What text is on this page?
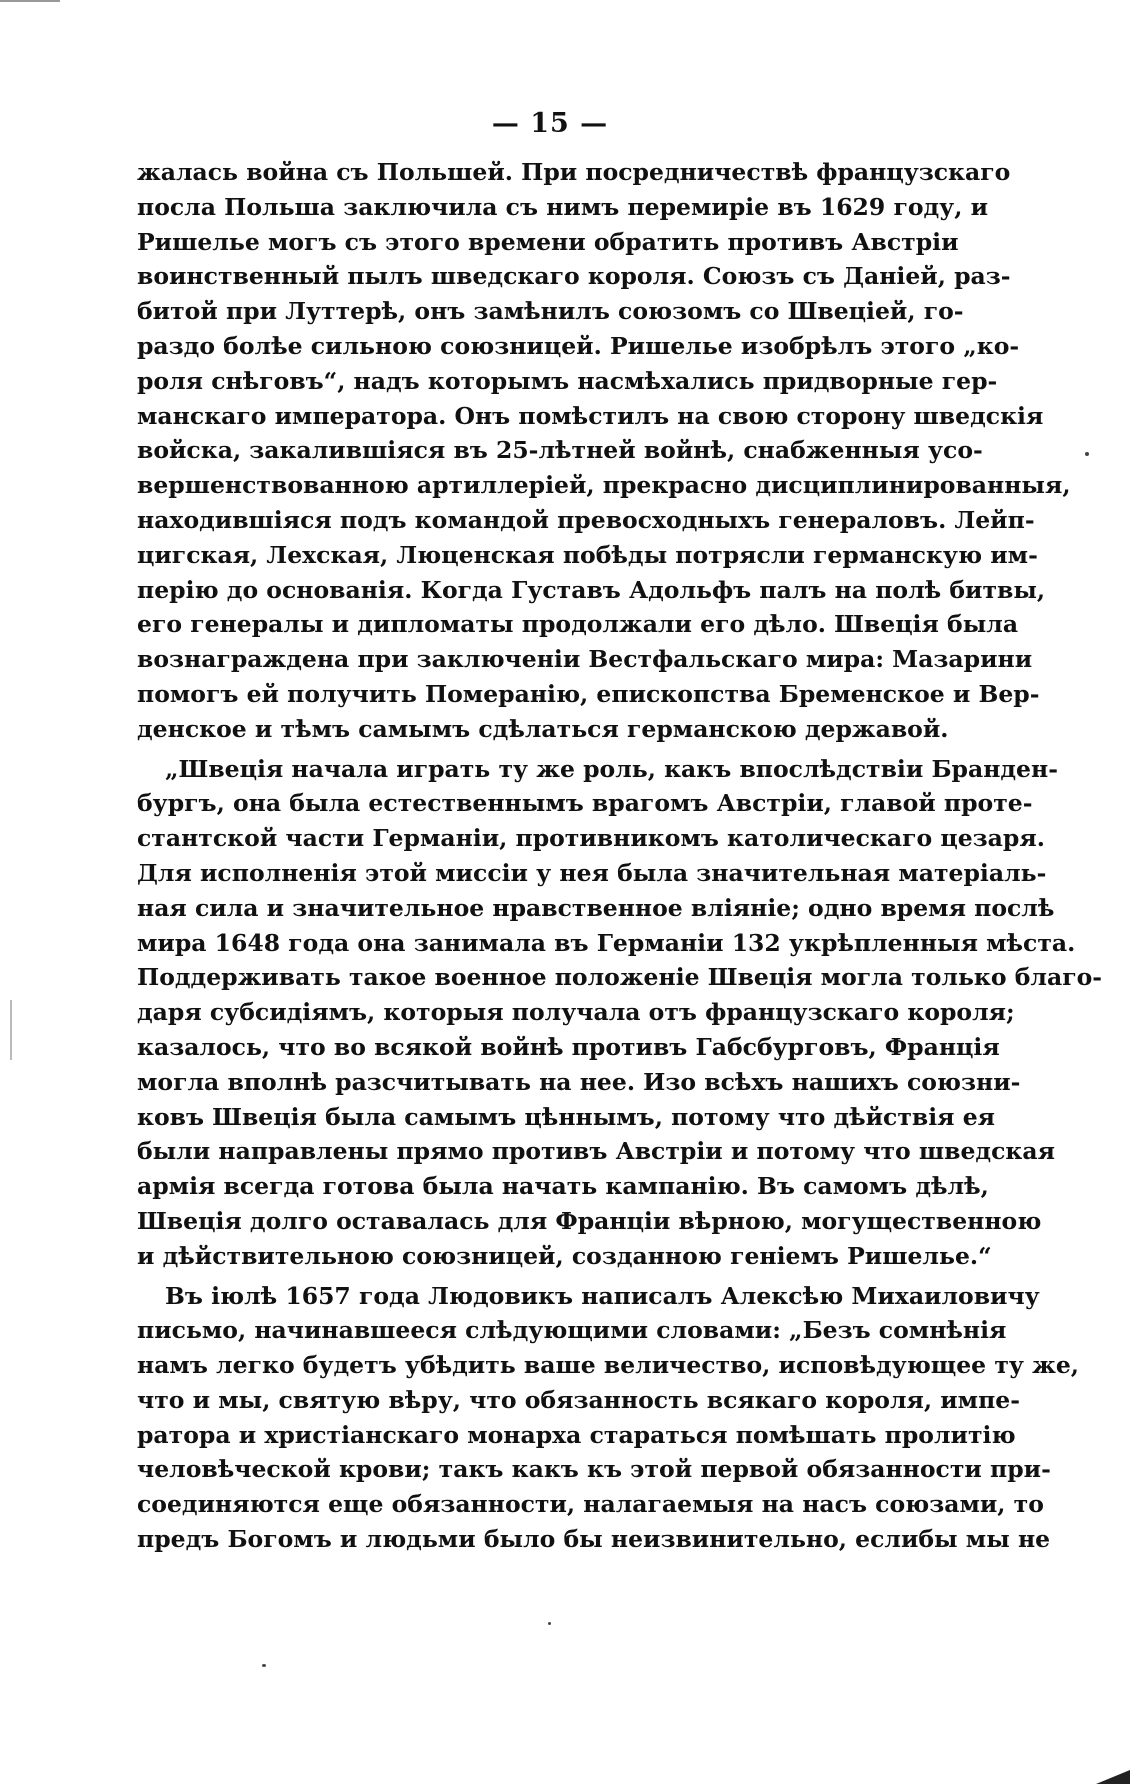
— 15 —
жалась война съ Польшей. При посредничествѣ французскаго
посла Польша заключила съ нимъ перемиріе въ 1629 году, и
Ришелье могъ съ этого времени обратить противъ Австріи
воинственный пылъ шведскаго короля. Союзъ съ Даніей, раз-
битой при Луттерѣ, онъ замѣнилъ союзомъ со Швеціей, го-
раздо болѣе сильною союзницей. Ришелье изобрѣлъ этого „ко-
роля снѣговъ“, надъ которымъ насмѣхались придворные гер-
манскаго императора. Онъ помѣстилъ на свою сторону шведскія
войска, закалившіяся въ 25-лѣтней войнѣ, снабженныя усо-
вершенствованною артиллеріей, прекрасно дисциплинированныя,
находившіяся подъ командой превосходныхъ генераловъ. Лейп-
цигская, Лехская, Люценская побѣды потрясли германскую им-
перію до основанія. Когда Густавъ Адольфъ палъ на полѣ битвы,
его генералы и дипломаты продолжали его дѣло. Швеція была
вознаграждена при заключеніи Вестфальскаго мира: Мазарини
помогъ ей получить Померанію, епископства Бременское и Вер-
денское и тѣмъ самымъ сдѣлаться германскою державой.
„Швеція начала играть ту же роль, какъ впослѣдствіи Бранден-
бургъ, она была естественнымъ врагомъ Австріи, главой проте-
стантской части Германіи, противникомъ католическаго цезаря.
Для исполненія этой миссіи у нея была значительная матеріаль-
ная сила и значительное нравственное вліяніе; одно время послѣ
мира 1648 года она занимала въ Германіи 132 укрѣпленныя мѣста.
Поддерживать такое военное положеніе Швеція могла только благо-
даря субсидіямъ, которыя получала отъ французскаго короля;
казалось, что во всякой войнѣ противъ Габсбурговъ, Франція
могла вполнѣ разсчитывать на нее. Изо всѣхъ нашихъ союзни-
ковъ Швеція была самымъ цѣннымъ, потому что дѣйствія ея
были направлены прямо противъ Австріи и потому что шведская
армія всегда готова была начать кампанію. Въ самомъ дѣлѣ,
Швеція долго оставалась для Франціи вѣрною, могущественною
и дѣйствительною союзницей, созданною геніемъ Ришелье.“
Въ іюлѣ 1657 года Людовикъ написалъ Алексѣю Михаиловичу
письмо, начинавшееся слѣдующими словами: „Безъ сомнѣнія
намъ легко будетъ убѣдить ваше величество, исповѣдующее ту же,
что и мы, святую вѣру, что обязанность всякаго короля, импе-
ратора и христіанскаго монарха стараться помѣшать пролитію
человѣческой крови; такъ какъ къ этой первой обязанности при-
соединяются еще обязанности, налагаемыя на насъ союзами, то
предъ Богомъ и людьми было бы неизвинительно, еслибы мы не
